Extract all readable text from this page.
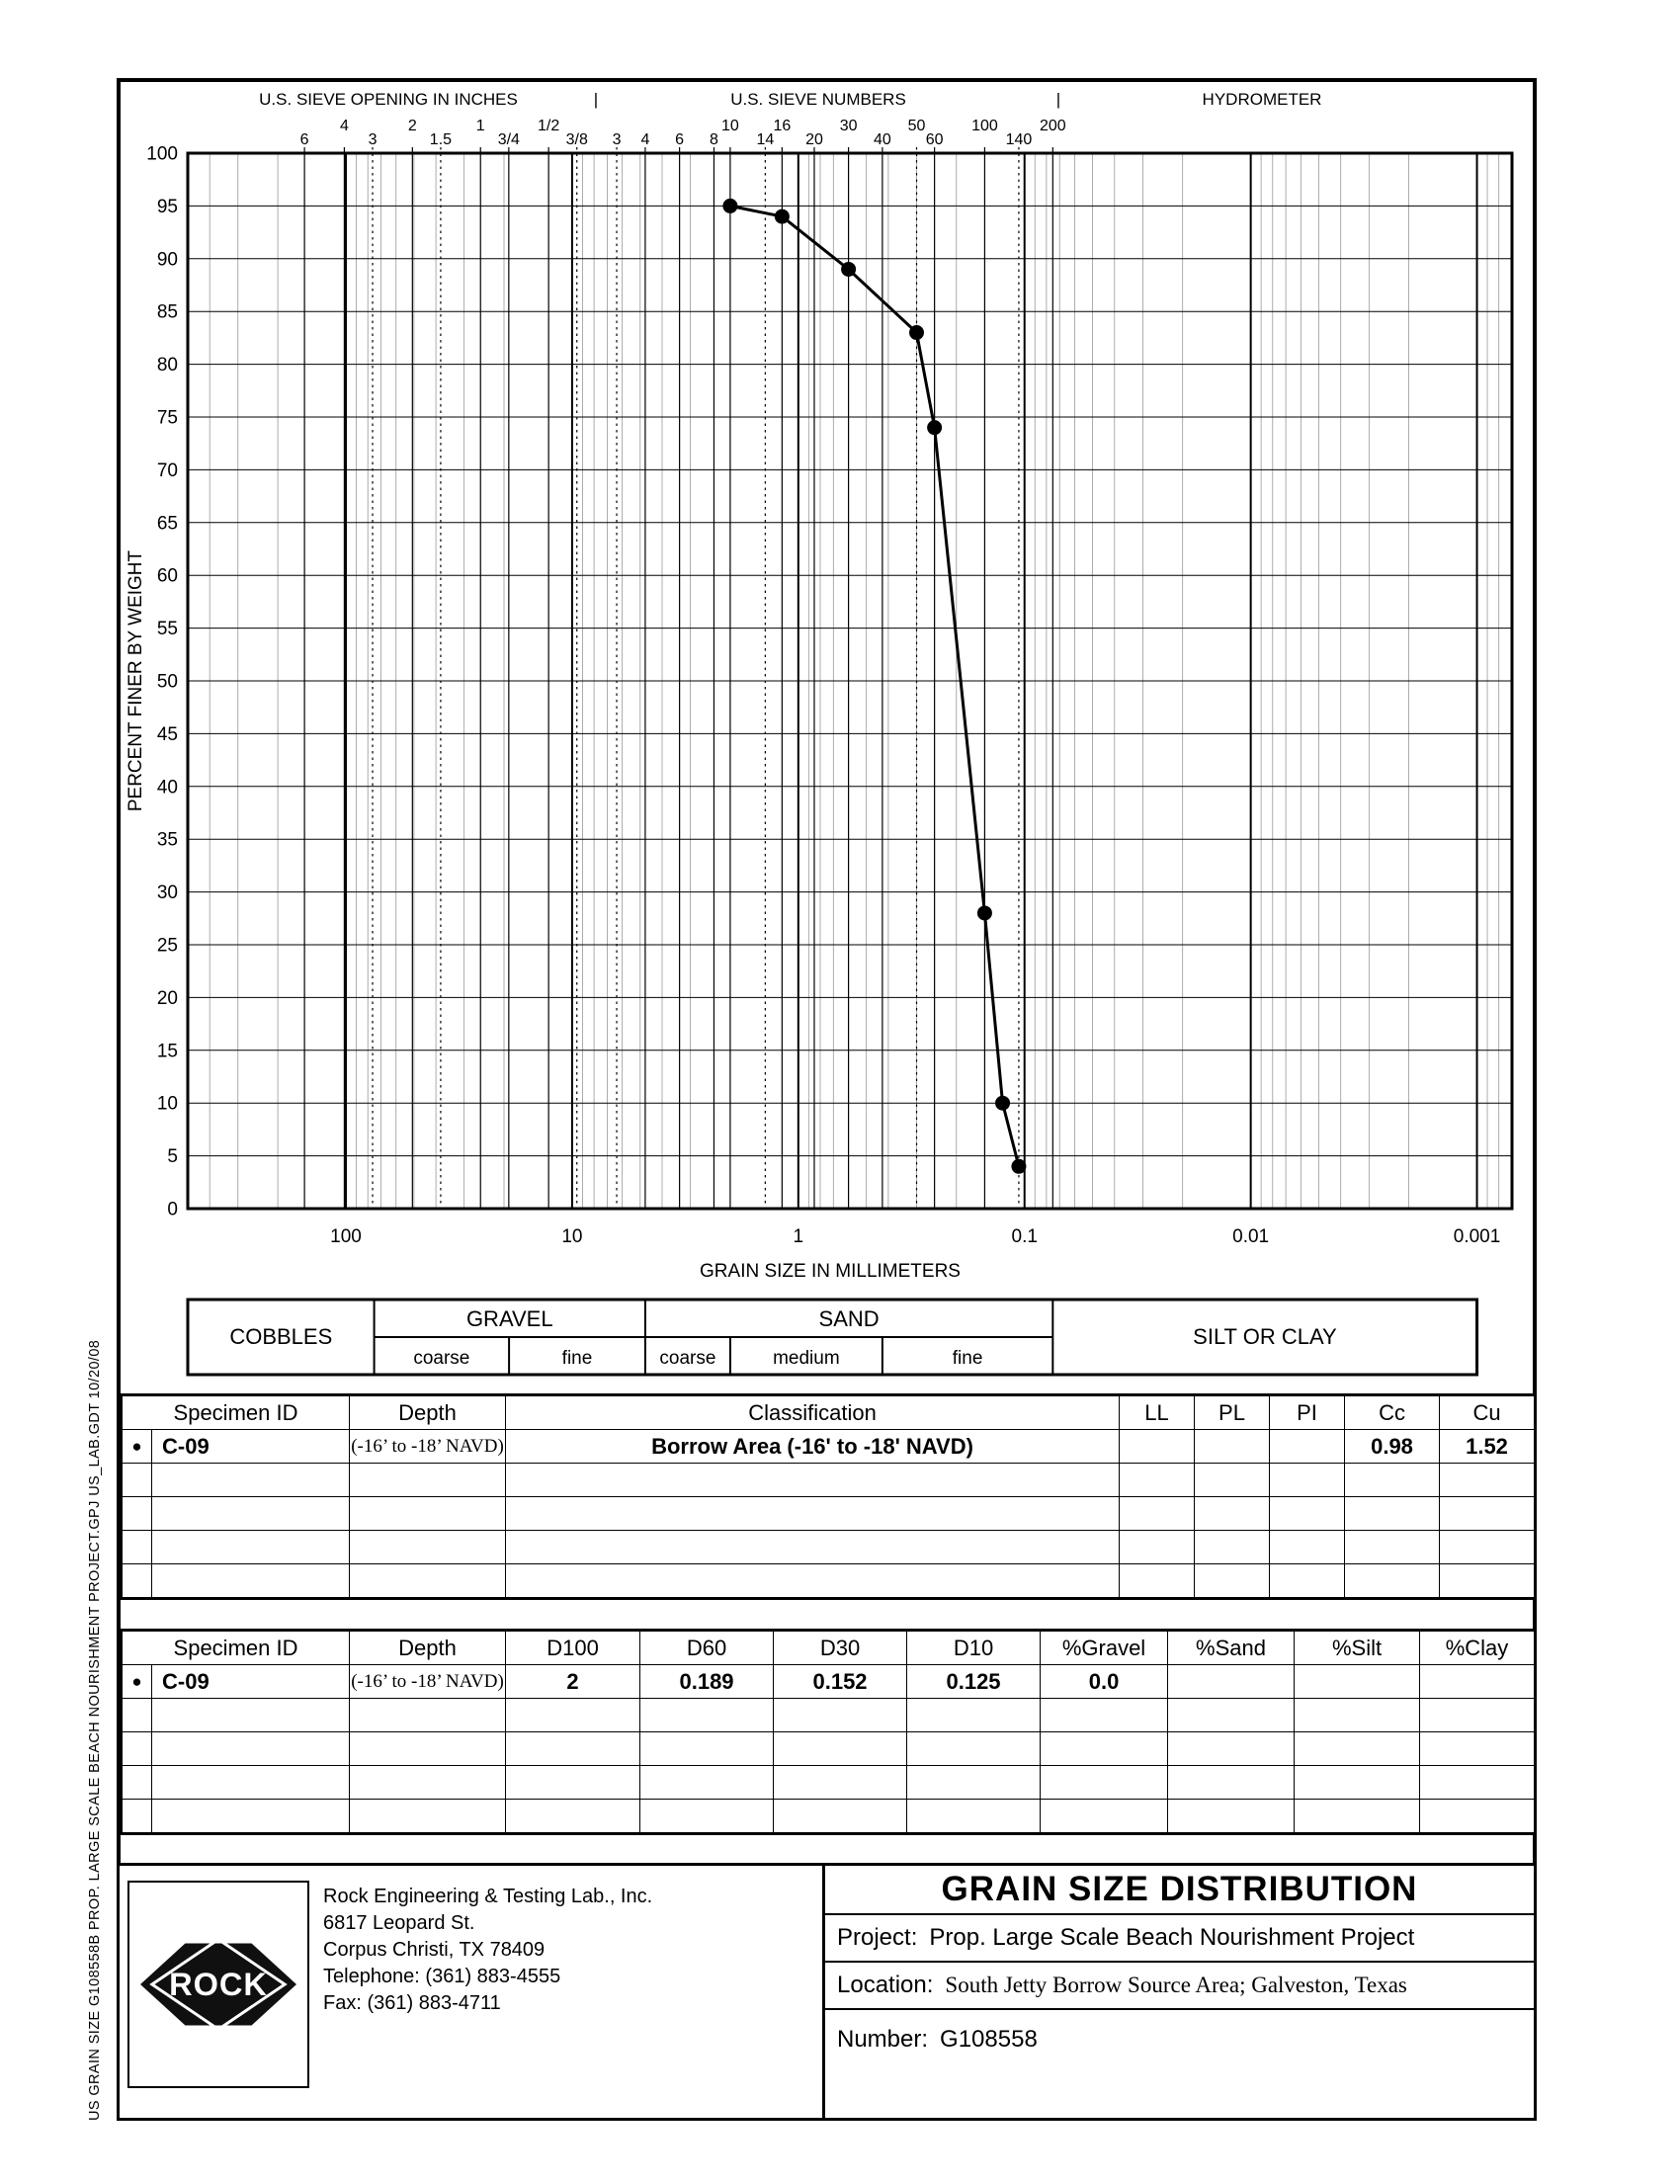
US GRAIN SIZE G108558B PROP. LARGE SCALE BEACH NOURISHMENT PROJECT.GPJ US_LAB.GDT 10/20/08
100
95
90
85
80
75
70
65
60
55
50
45
40
35
30
25
20
15
10
5
0
100	10	1	0.1	0.01	0.001
6
4
3
2
1.5
1
3/4
1/2
3/8 3 4 6 8
10
14
16
20
30
40
50
60
100
140
200
PERCENT FINER BY WEIGHT
GRAIN SIZE IN MILLIMETERS
U.S. SIEVE OPENING IN INCHES	|	U.S. SIEVE NUMBERS	|	HYDROMETER
COBBLES
GRAVEL
coarse	fine
SAND
coarse	medium	fine
SILT OR CLAY
Specimen ID		Depth	Classification	LL	PL	PI	Cc	Cu
●	C-09	(-16’ to -18’ NAVD)	Borrow Area (-16' to -18' NAVD)				0.98	1.52

Specimen ID		Depth	D100	D60	D30	D10	%Gravel	%Sand	%Silt	%Clay
●	C-09	(-16’ to -18’ NAVD)	2	0.189	0.152	0.125	0.0			

ROCK
Rock Engineering & Testing Lab., Inc.
6817 Leopard St.
Corpus Christi, TX 78409
Telephone: (361) 883-4555
Fax: (361) 883-4711
GRAIN SIZE DISTRIBUTION
Project: Prop. Large Scale Beach Nourishment Project
Location: South Jetty Borrow Source Area; Galveston, Texas
Number: G108558
